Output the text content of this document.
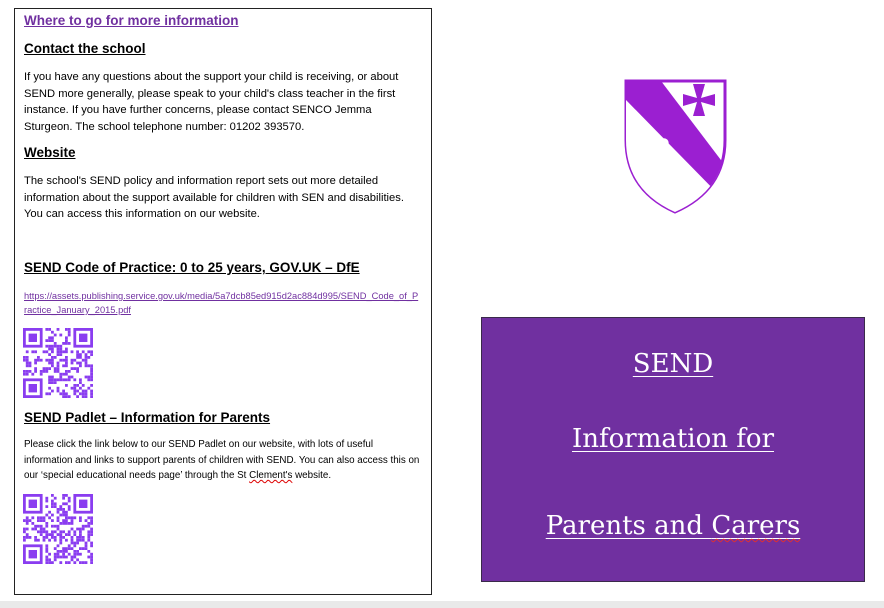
Where to go for more information
Contact the school
If you have any questions about the support your child is receiving, or about SEND more generally, please speak to your child's class teacher in the first instance. If you have further concerns, please contact SENCO Jemma Sturgeon. The school telephone number: 01202 393570.
Website
The school's SEND policy and information report sets out more detailed information about the support available for children with SEN and disabilities. You can access this information on our website.
SEND Code of Practice: 0 to 25 years, GOV.UK – DfE
https://assets.publishing.service.gov.uk/media/5a7dcb85ed915d2ac884d995/SEND_Code_of_Practice_January_2015.pdf
SEND Padlet – Information for Parents
Please click the link below to our SEND Padlet on our website, with lots of useful information and links to support parents of children with SEND. You can also access this on our ‘special educational needs page’ through the St Clement's website.
SEND
Information for
Parents and Carers
